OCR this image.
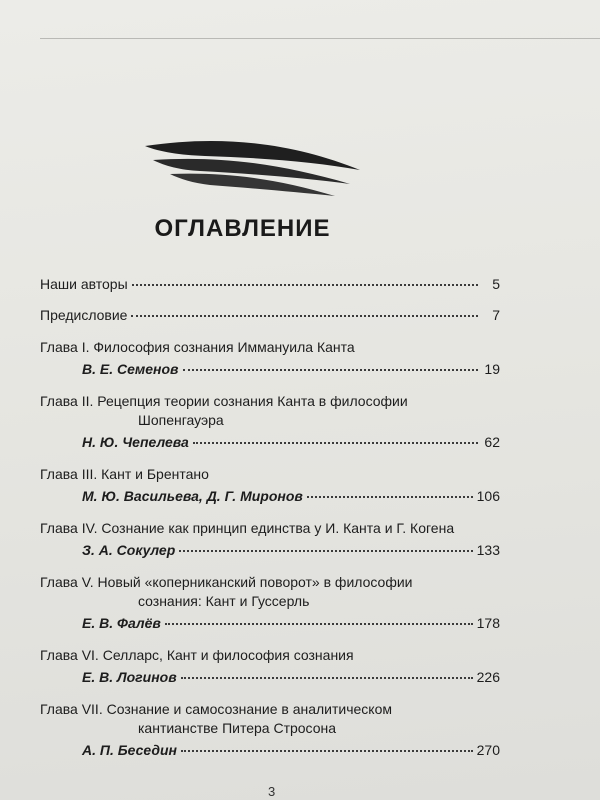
ОГЛАВЛЕНИЕ
Наши авторы	5
Предисловие	7
Глава I. Философия сознания Иммануила Канта
В. Е. Семенов	19
Глава II. Рецепция теории сознания Канта в философии
Шопенгауэра
Н. Ю. Чепелева	62
Глава III. Кант и Брентано
М. Ю. Васильева, Д. Г. Миронов	106
Глава IV. Сознание как принцип единства у И. Канта и Г. Когена
З. А. Сокулер	133
Глава V. Новый «коперниканский поворот» в философии
сознания: Кант и Гуссерль
Е. В. Фалёв	178
Глава VI. Селларс, Кант и философия сознания
Е. В. Логинов	226
Глава VII. Сознание и самосознание в аналитическом
кантианстве Питера Стросона
А. П. Беседин	270
3
